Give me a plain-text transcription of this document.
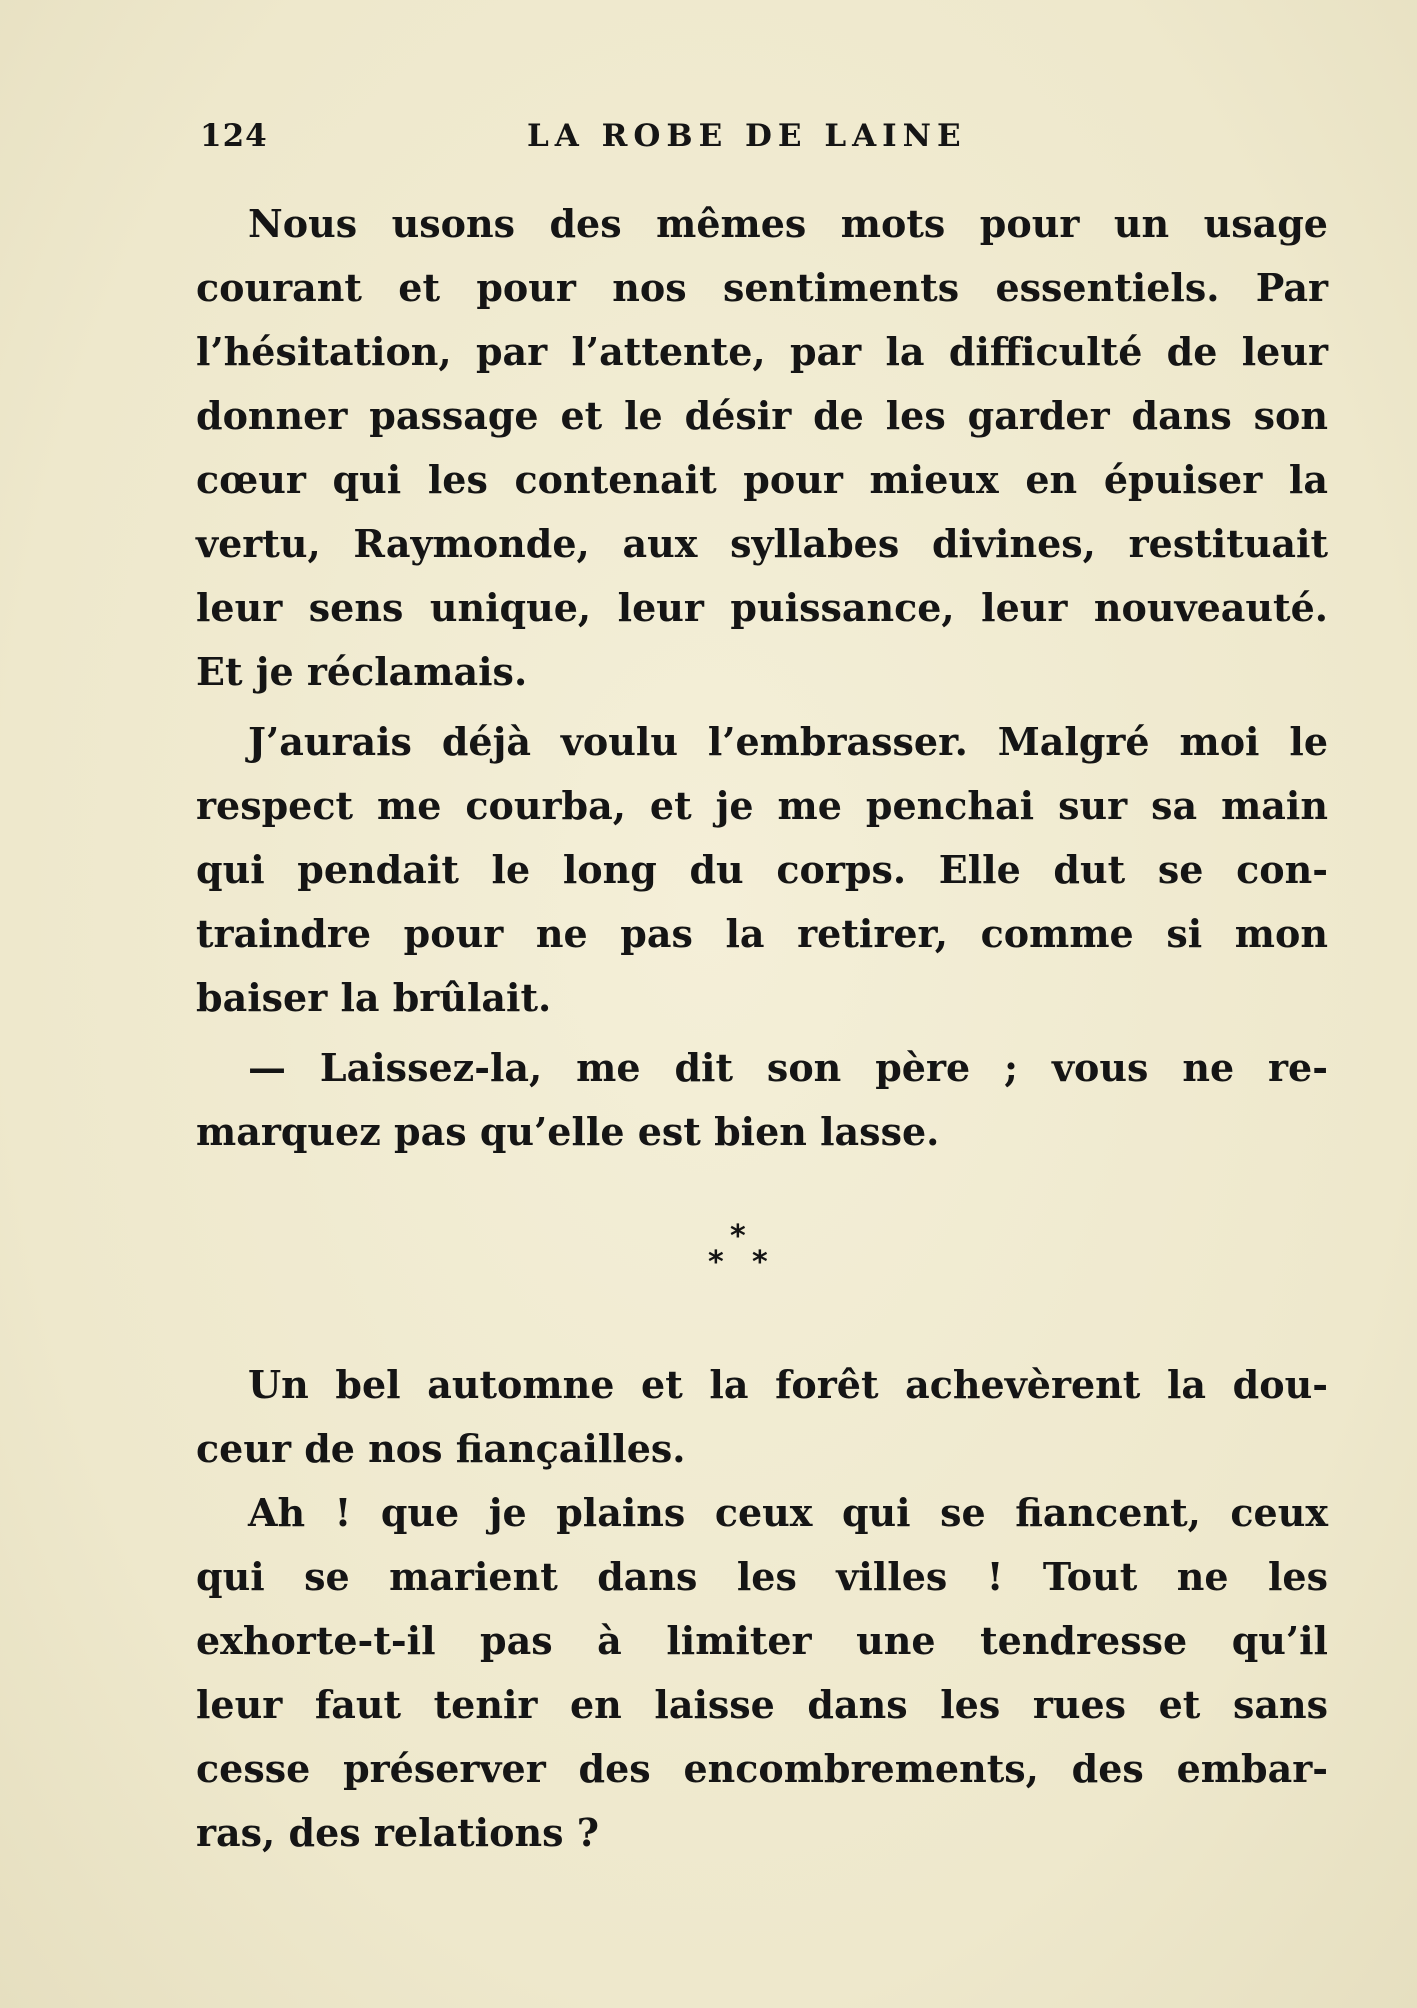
124	LA ROBE DE LAINE
Nous usons des mêmes mots pour un usage
courant et pour nos sentiments essentiels. Par
l’hésitation, par l’attente, par la difficulté de leur
donner passage et le désir de les garder dans son
cœur qui les contenait pour mieux en épuiser la
vertu, Raymonde, aux syllabes divines, restituait
leur sens unique, leur puissance, leur nouveauté.
Et je réclamais.
J’aurais déjà voulu l’embrasser. Malgré moi le
respect me courba, et je me penchai sur sa main
qui pendait le long du corps. Elle dut se con-
traindre pour ne pas la retirer, comme si mon
baiser la brûlait.
— Laissez-la, me dit son père ; vous ne re-
marquez pas qu’elle est bien lasse.
*
* *
Un bel automne et la forêt achevèrent la dou-
ceur de nos fiançailles.
Ah ! que je plains ceux qui se fiancent, ceux
qui se marient dans les villes ! Tout ne les
exhorte-t-il pas à limiter une tendresse qu’il
leur faut tenir en laisse dans les rues et sans
cesse préserver des encombrements, des embar-
ras, des relations ?
